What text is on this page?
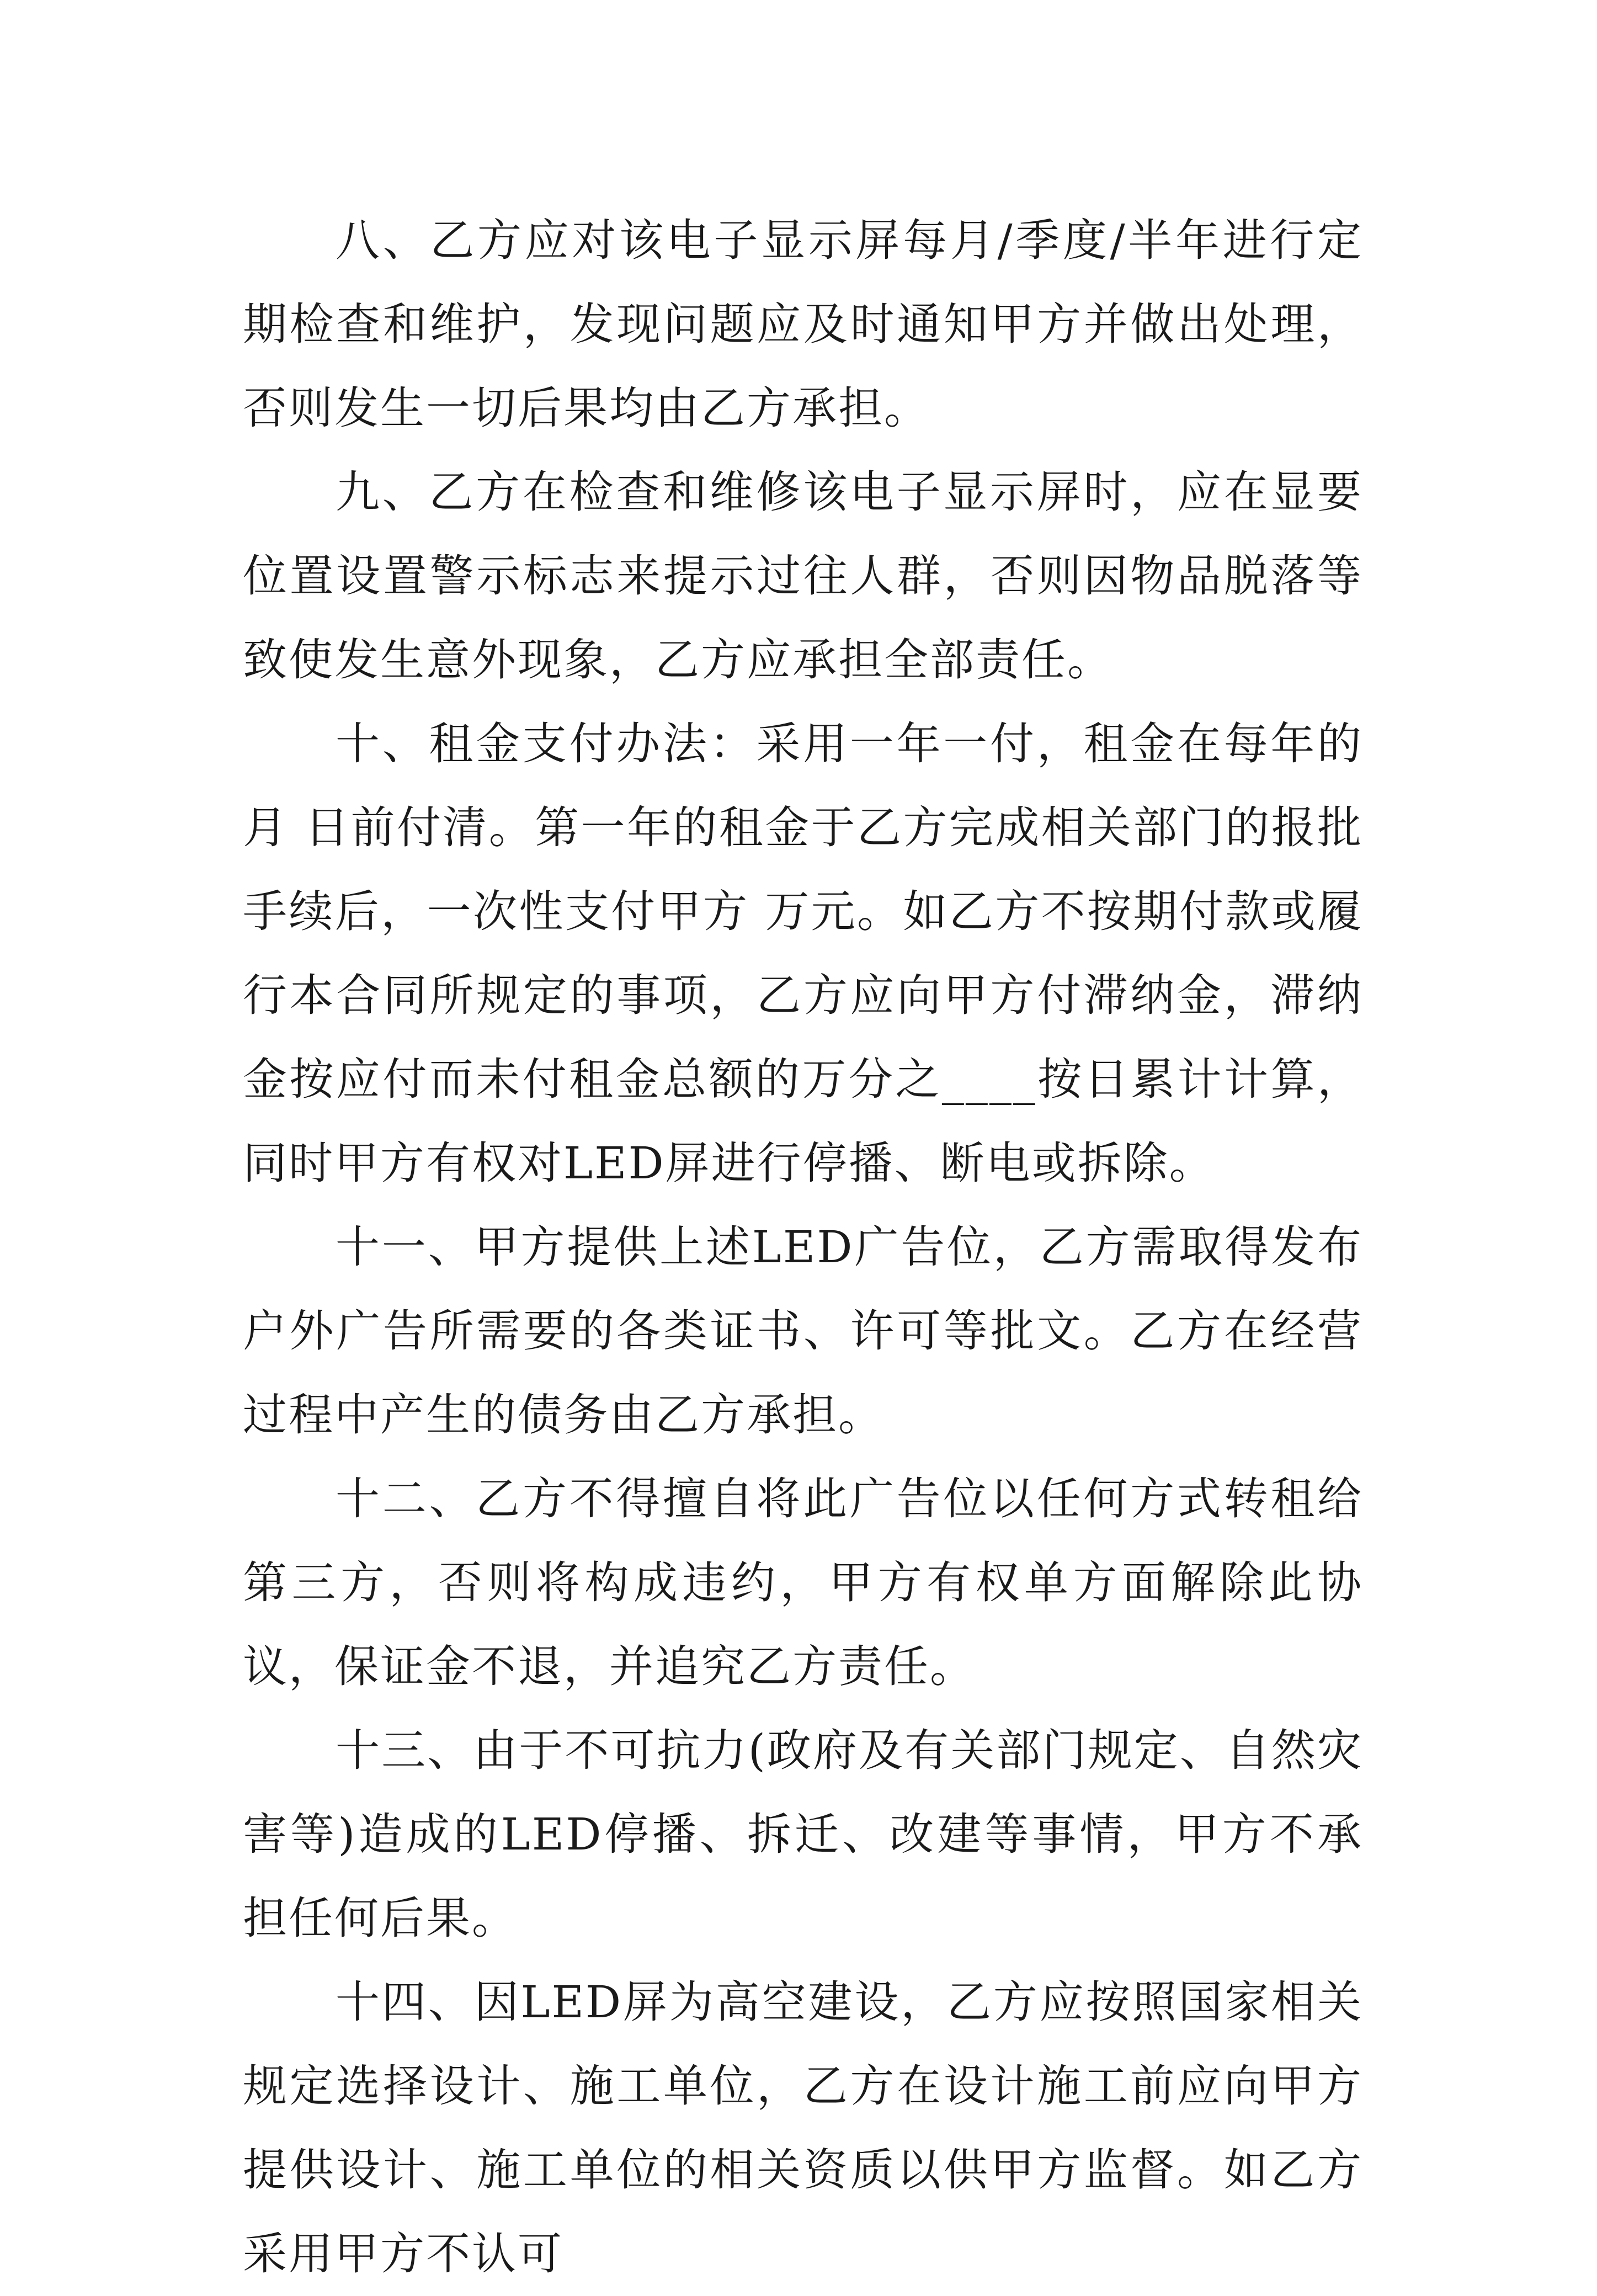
八、乙方应对该电子显示屏每月/季度/半年进行定期检查和维护，发现问题应及时通知甲方并做出处理，否则发生一切后果均由乙方承担。

九、乙方在检查和维修该电子显示屏时，应在显要位置设置警示标志来提示过往人群，否则因物品脱落等致使发生意外现象，乙方应承担全部责任。

十、租金支付办法：采用一年一付，租金在每年的 月 日前付清。第一年的租金于乙方完成相关部门的报批手续后，一次性支付甲方 万元。如乙方不按期付款或履行本合同所规定的事项，乙方应向甲方付滞纳金，滞纳金按应付而未付租金总额的万分之____按日累计计算，同时甲方有权对LED屏进行停播、断电或拆除。

十一、甲方提供上述LED广告位，乙方需取得发布户外广告所需要的各类证书、许可等批文。乙方在经营过程中产生的债务由乙方承担。

十二、乙方不得擅自将此广告位以任何方式转租给第三方，否则将构成违约，甲方有权单方面解除此协议，保证金不退，并追究乙方责任。

十三、由于不可抗力(政府及有关部门规定、自然灾害等)造成的LED停播、拆迁、改建等事情，甲方不承担任何后果。

十四、因LED屏为高空建设，乙方应按照国家相关规定选择设计、施工单位，乙方在设计施工前应向甲方提供设计、施工单位的相关资质以供甲方监督。如乙方采用甲方不认可
